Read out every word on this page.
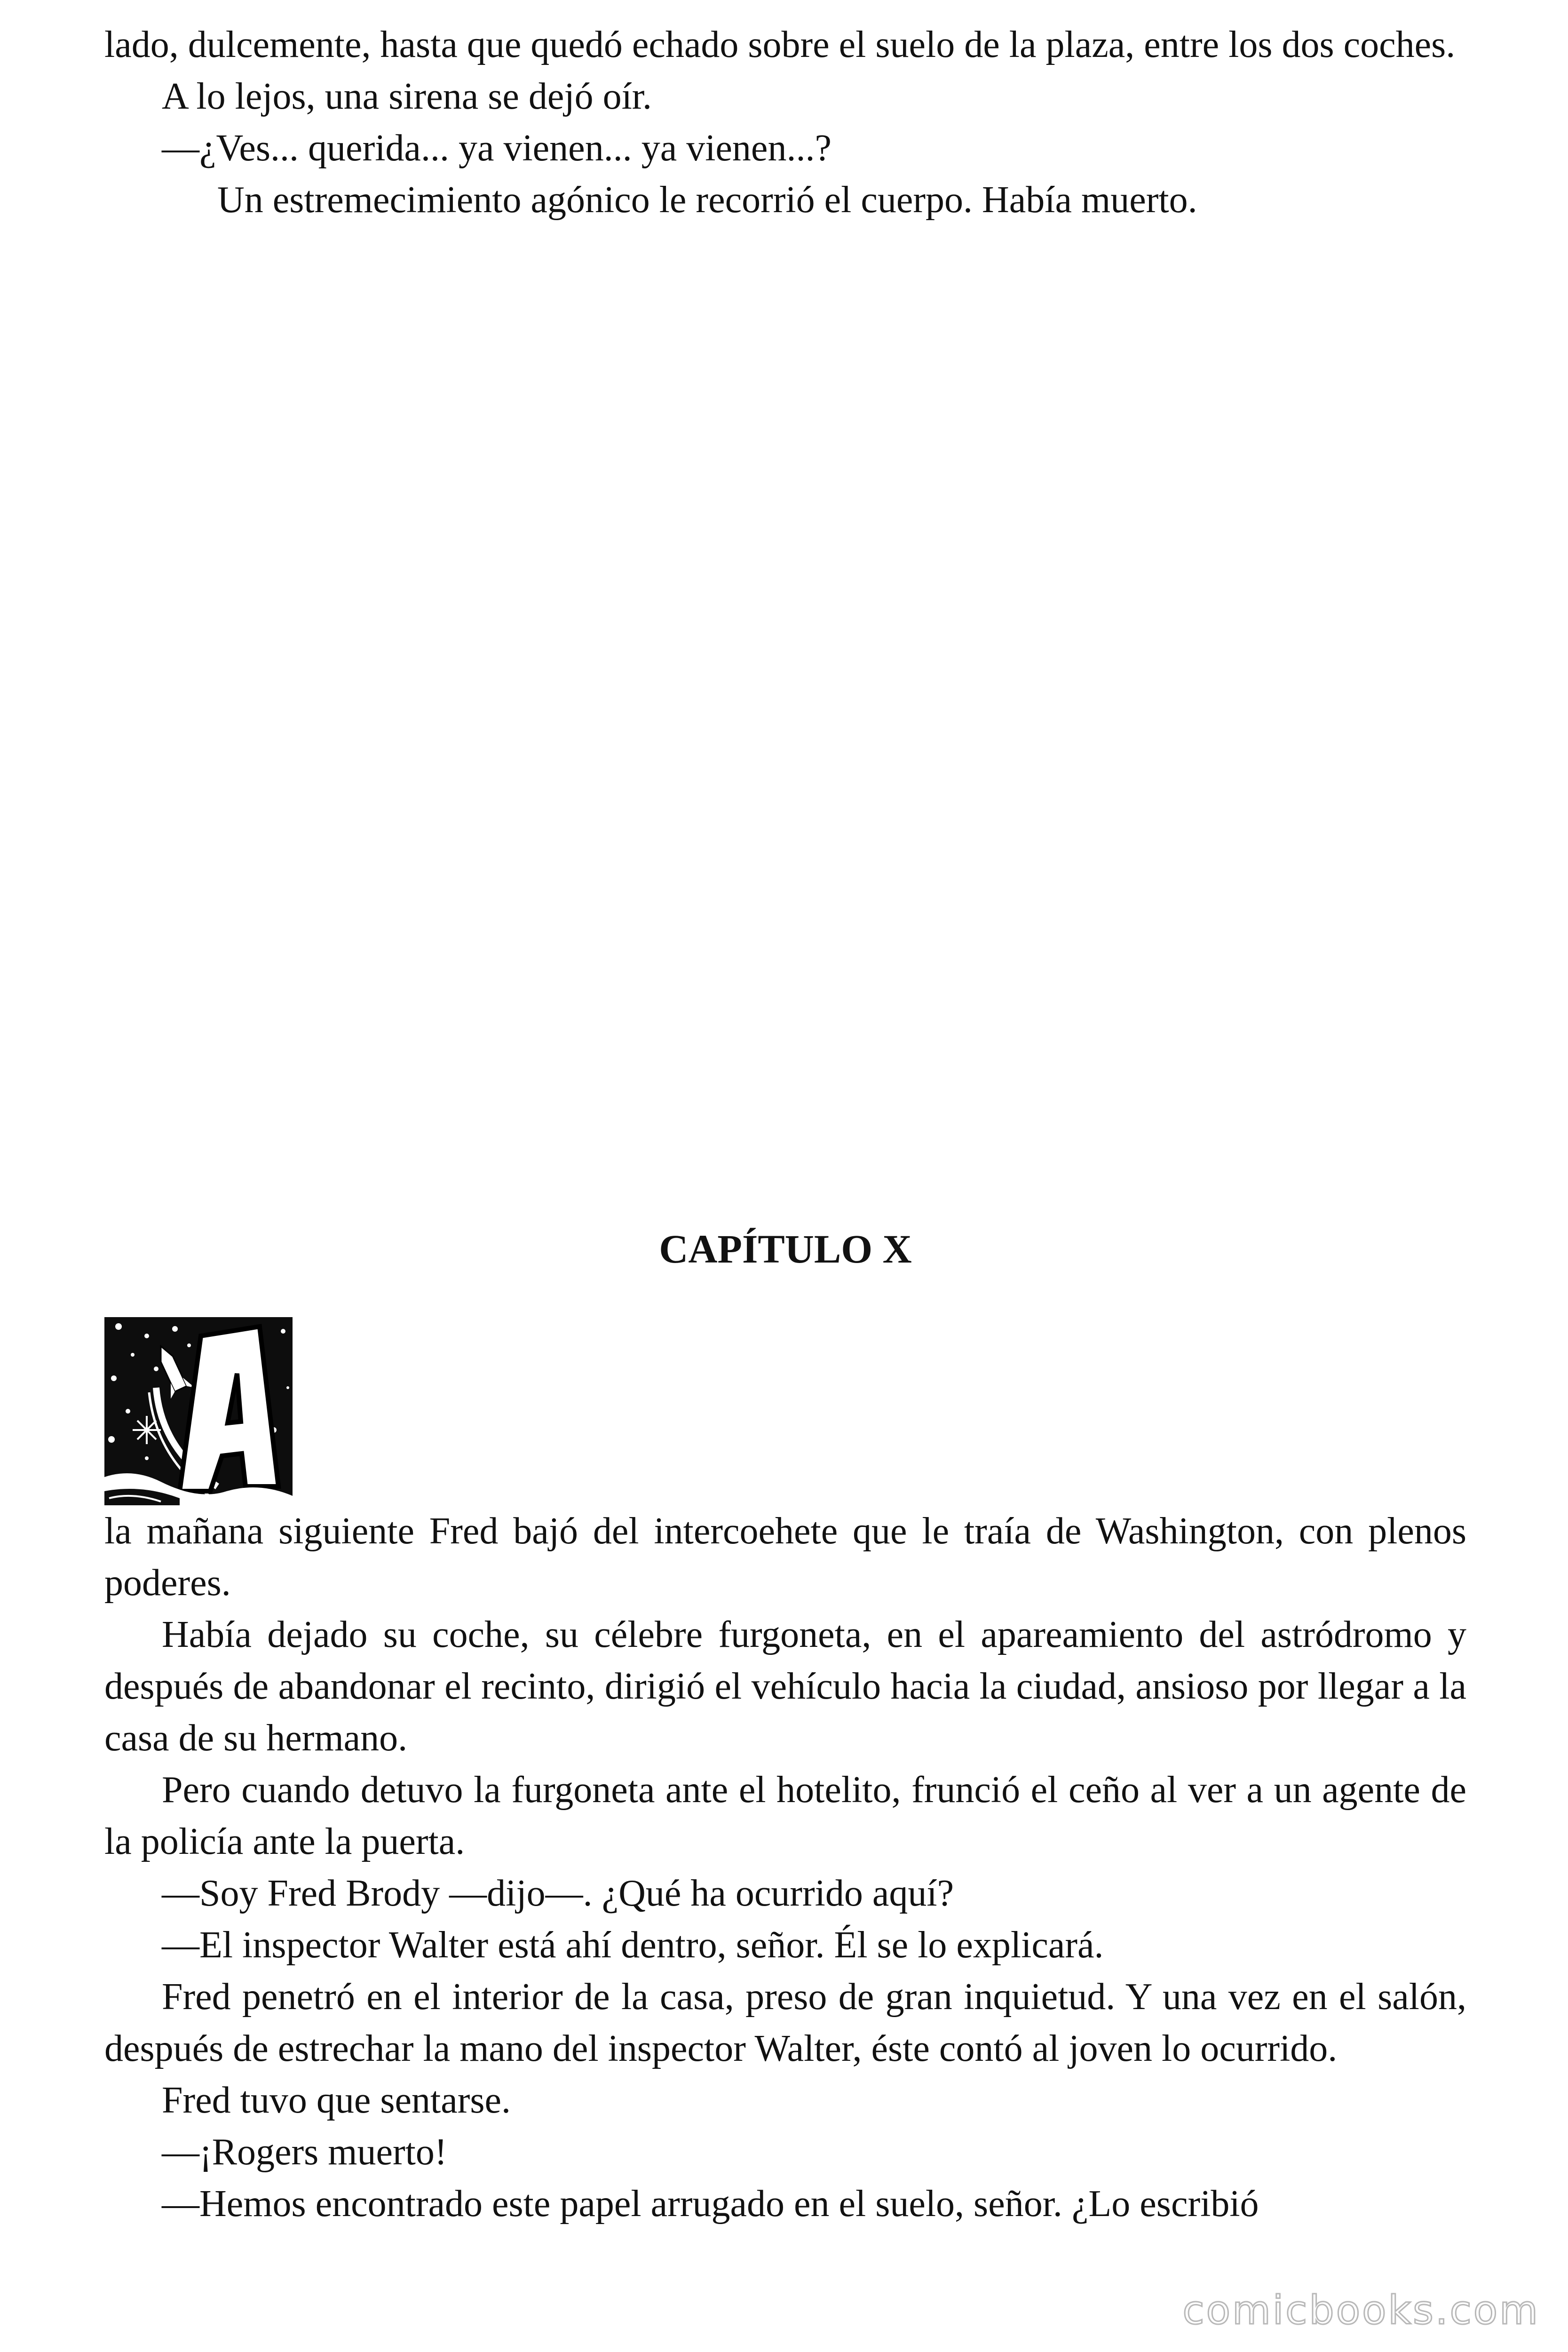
lado, dulcemente, hasta que quedó echado sobre el suelo de la plaza, entre los dos coches.

A lo lejos, una sirena se dejó oír.

—¿Ves... querida... ya vienen... ya vienen...?

Un estremecimiento agónico le recorrió el cuerpo. Había muerto.

CAPÍTULO X

la mañana siguiente Fred bajó del intercoehete que le traía de Washington, con plenos poderes.

Había dejado su coche, su célebre furgoneta, en el apareamiento del astródromo y después de abandonar el recinto, dirigió el vehículo hacia la ciudad, ansioso por llegar a la casa de su hermano.

Pero cuando detuvo la furgoneta ante el hotelito, frunció el ceño al ver a un agente de la policía ante la puerta.

—Soy Fred Brody —dijo—. ¿Qué ha ocurrido aquí?

—El inspector Walter está ahí dentro, señor. Él se lo explicará.

Fred penetró en el interior de la casa, preso de gran inquietud. Y una vez en el salón, después de estrechar la mano del inspector Walter, éste contó al joven lo ocurrido.

Fred tuvo que sentarse.

—¡Rogers muerto!

—Hemos encontrado este papel arrugado en el suelo, señor. ¿Lo escribió

comicbooks.com
